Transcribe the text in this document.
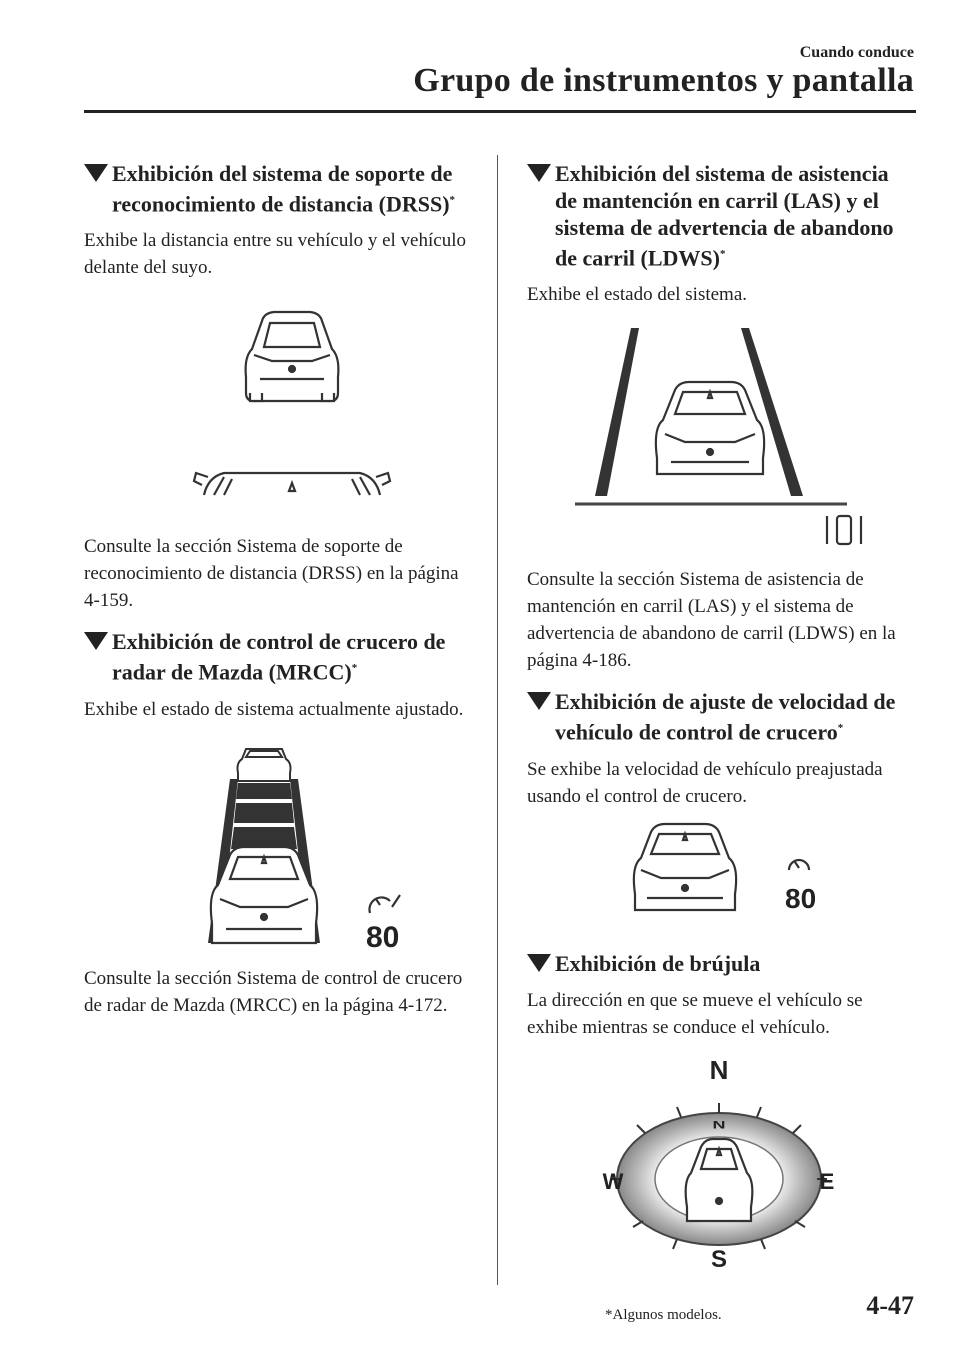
Cuando conduce
Grupo de instrumentos y pantalla
Exhibición del sistema de soporte de reconocimiento de distancia (DRSS)*

Exhibe la distancia entre su vehículo y el vehículo delante del suyo.

Consulte la sección Sistema de soporte de reconocimiento de distancia (DRSS) en la página 4-159.

Exhibición de control de crucero de radar de Mazda (MRCC)*

Exhibe el estado de sistema actualmente ajustado.

80

Consulte la sección Sistema de control de crucero de radar de Mazda (MRCC) en la página 4-172.

Exhibición del sistema de asistencia de mantención en carril (LAS) y el sistema de advertencia de abandono de carril (LDWS)*

Exhibe el estado del sistema.

Consulte la sección Sistema de asistencia de mantención en carril (LAS) y el sistema de advertencia de abandono de carril (LDWS) en la página 4-186.

Exhibición de ajuste de velocidad de vehículo de control de crucero*

Se exhibe la velocidad de vehículo preajustada usando el control de crucero.

80
Exhibición de brújula

La dirección en que se mueve el vehículo se exhibe mientras se conduce el vehículo.

N
N
W	E
S
*Algunos modelos.	4-47
